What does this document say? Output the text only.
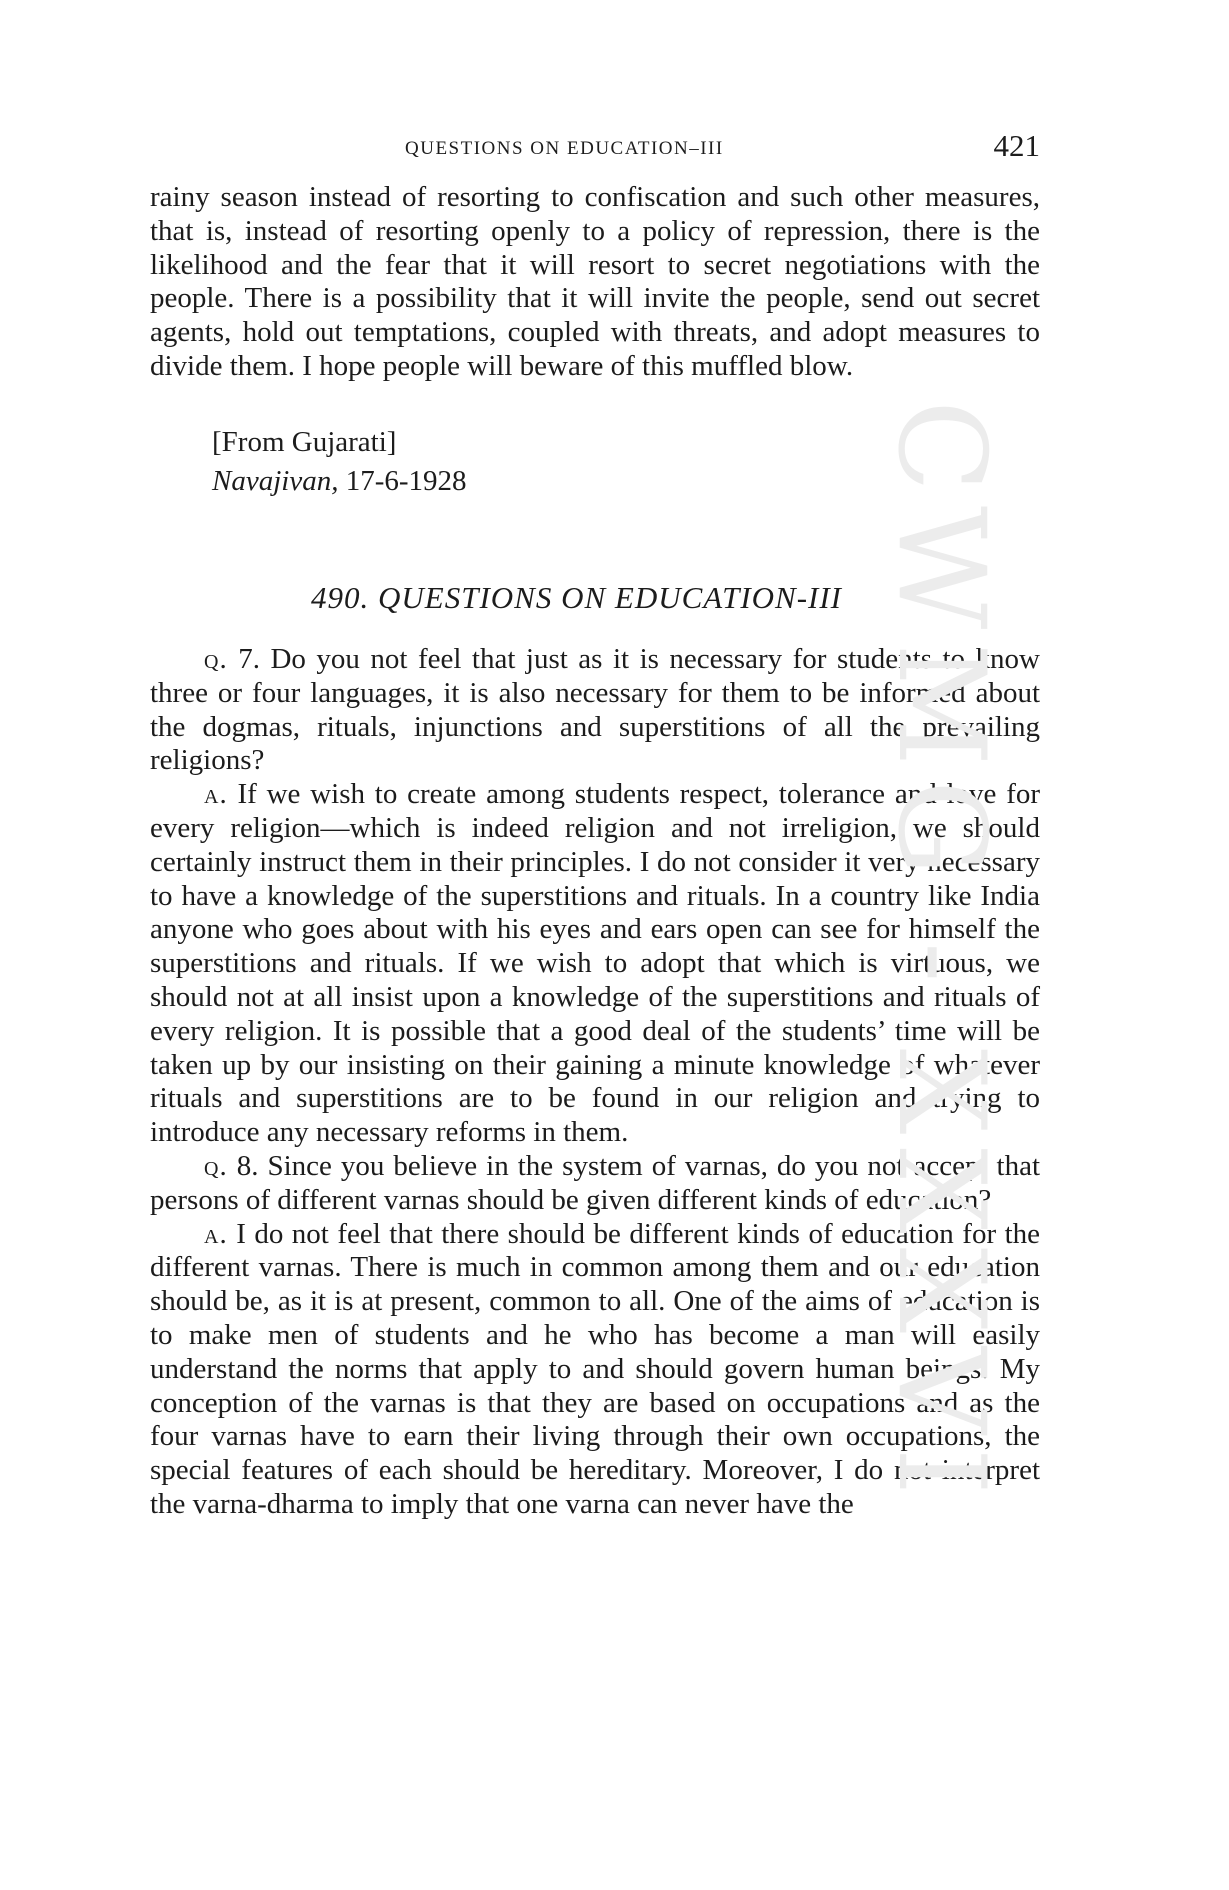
QUESTIONS ON EDUCATION–III	421

rainy season instead of resorting to confiscation and such other measures, that is, instead of resorting openly to a policy of repression, there is the likelihood and the fear that it will resort to secret negotiations with the people. There is a possibility that it will invite the people, send out secret agents, hold out temptations, coupled with threats, and adopt measures to divide them. I hope people will beware of this muffled blow.

[From Gujarati]
Navajivan, 17-6-1928
490. QUESTIONS ON EDUCATION-III

q. 7. Do you not feel that just as it is necessary for students to know three or four languages, it is also necessary for them to be informed about the dogmas, rituals, injunctions and superstitions of all the prevailing religions?

a. If we wish to create among students respect, tolerance and love for every religion—which is indeed religion and not irreligion, we should certainly instruct them in their principles. I do not consider it very necessary to have a knowledge of the superstitions and rituals. In a country like India anyone who goes about with his eyes and ears open can see for himself the superstitions and rituals. If we wish to adopt that which is virtuous, we should not at all insist upon a knowledge of the superstitions and rituals of every religion. It is possible that a good deal of the students’ time will be taken up by our insisting on their gaining a minute knowledge of whatever rituals and superstitions are to be found in our religion and trying to introduce any necessary reforms in them.

q. 8. Since you believe in the system of varnas, do you not accept that persons of different varnas should be given different kinds of education?

a. I do not feel that there should be different kinds of education for the different varnas. There is much in common among them and our education should be, as it is at present, common to all. One of the aims of education is to make men of students and he who has become a man will easily understand the norms that apply to and should govern human beings. My conception of the varnas is that they are based on occupations and as the four varnas have to earn their living through their own occupations, the special features of each should be hereditary. Moreover, I do not interpret the varna-dharma to imply that one varna can never have the CWMG - XXXVI
